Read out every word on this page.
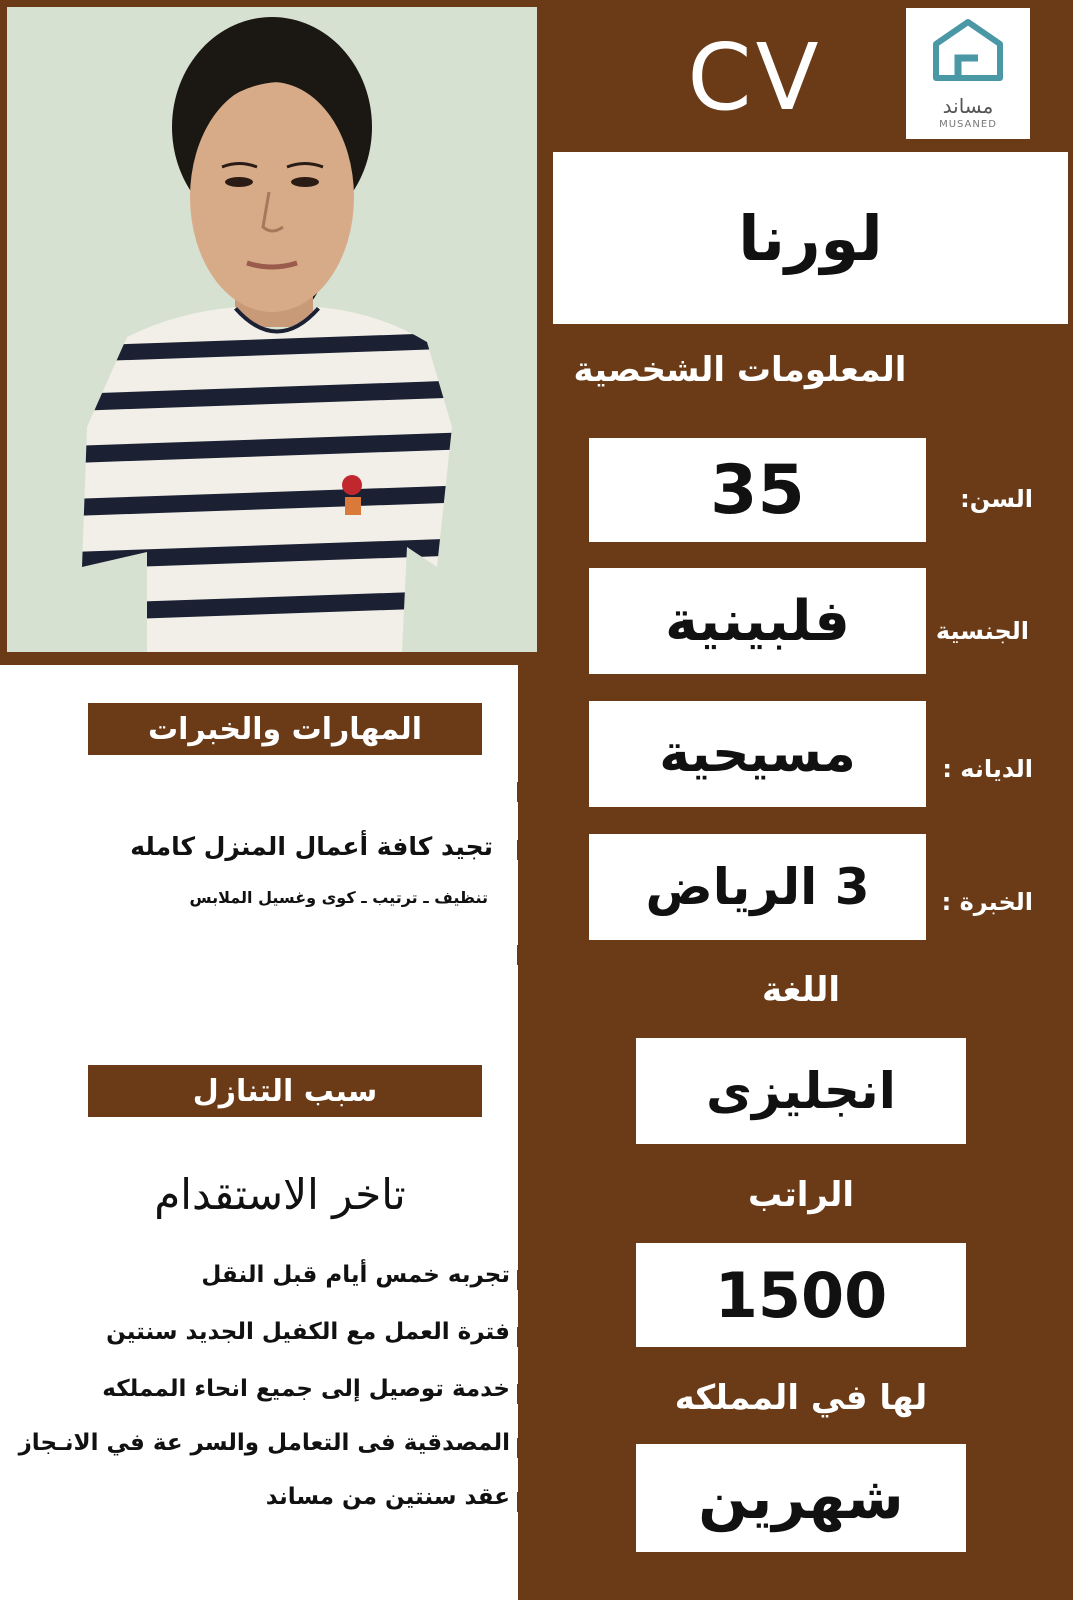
CV	مساند
MUSANED
لورنا
المعلومات الشخصية
35	السن:
فلبينية	الجنسية :
مسيحية	الديانه :
3 الرياض	الخبرة :
اللغة
انجليزى
الراتب
1500
لها في المملكه
شهرين
المهارات والخبرات
تجيد كافة أعمال المنزل كامله
تنظيف ـ ترتيب ـ كوى وغسيل الملابس
سبب التنازل
تاخر الاستقدام
تجربه خمس أيام قبل النقل
فترة العمل مع الكفيل الجديد سنتين
خدمة توصيل إلى جميع انحاء المملكه
المصدقية فى التعامل والسر عة في الانـجاز
عقد سنتين من مساند
